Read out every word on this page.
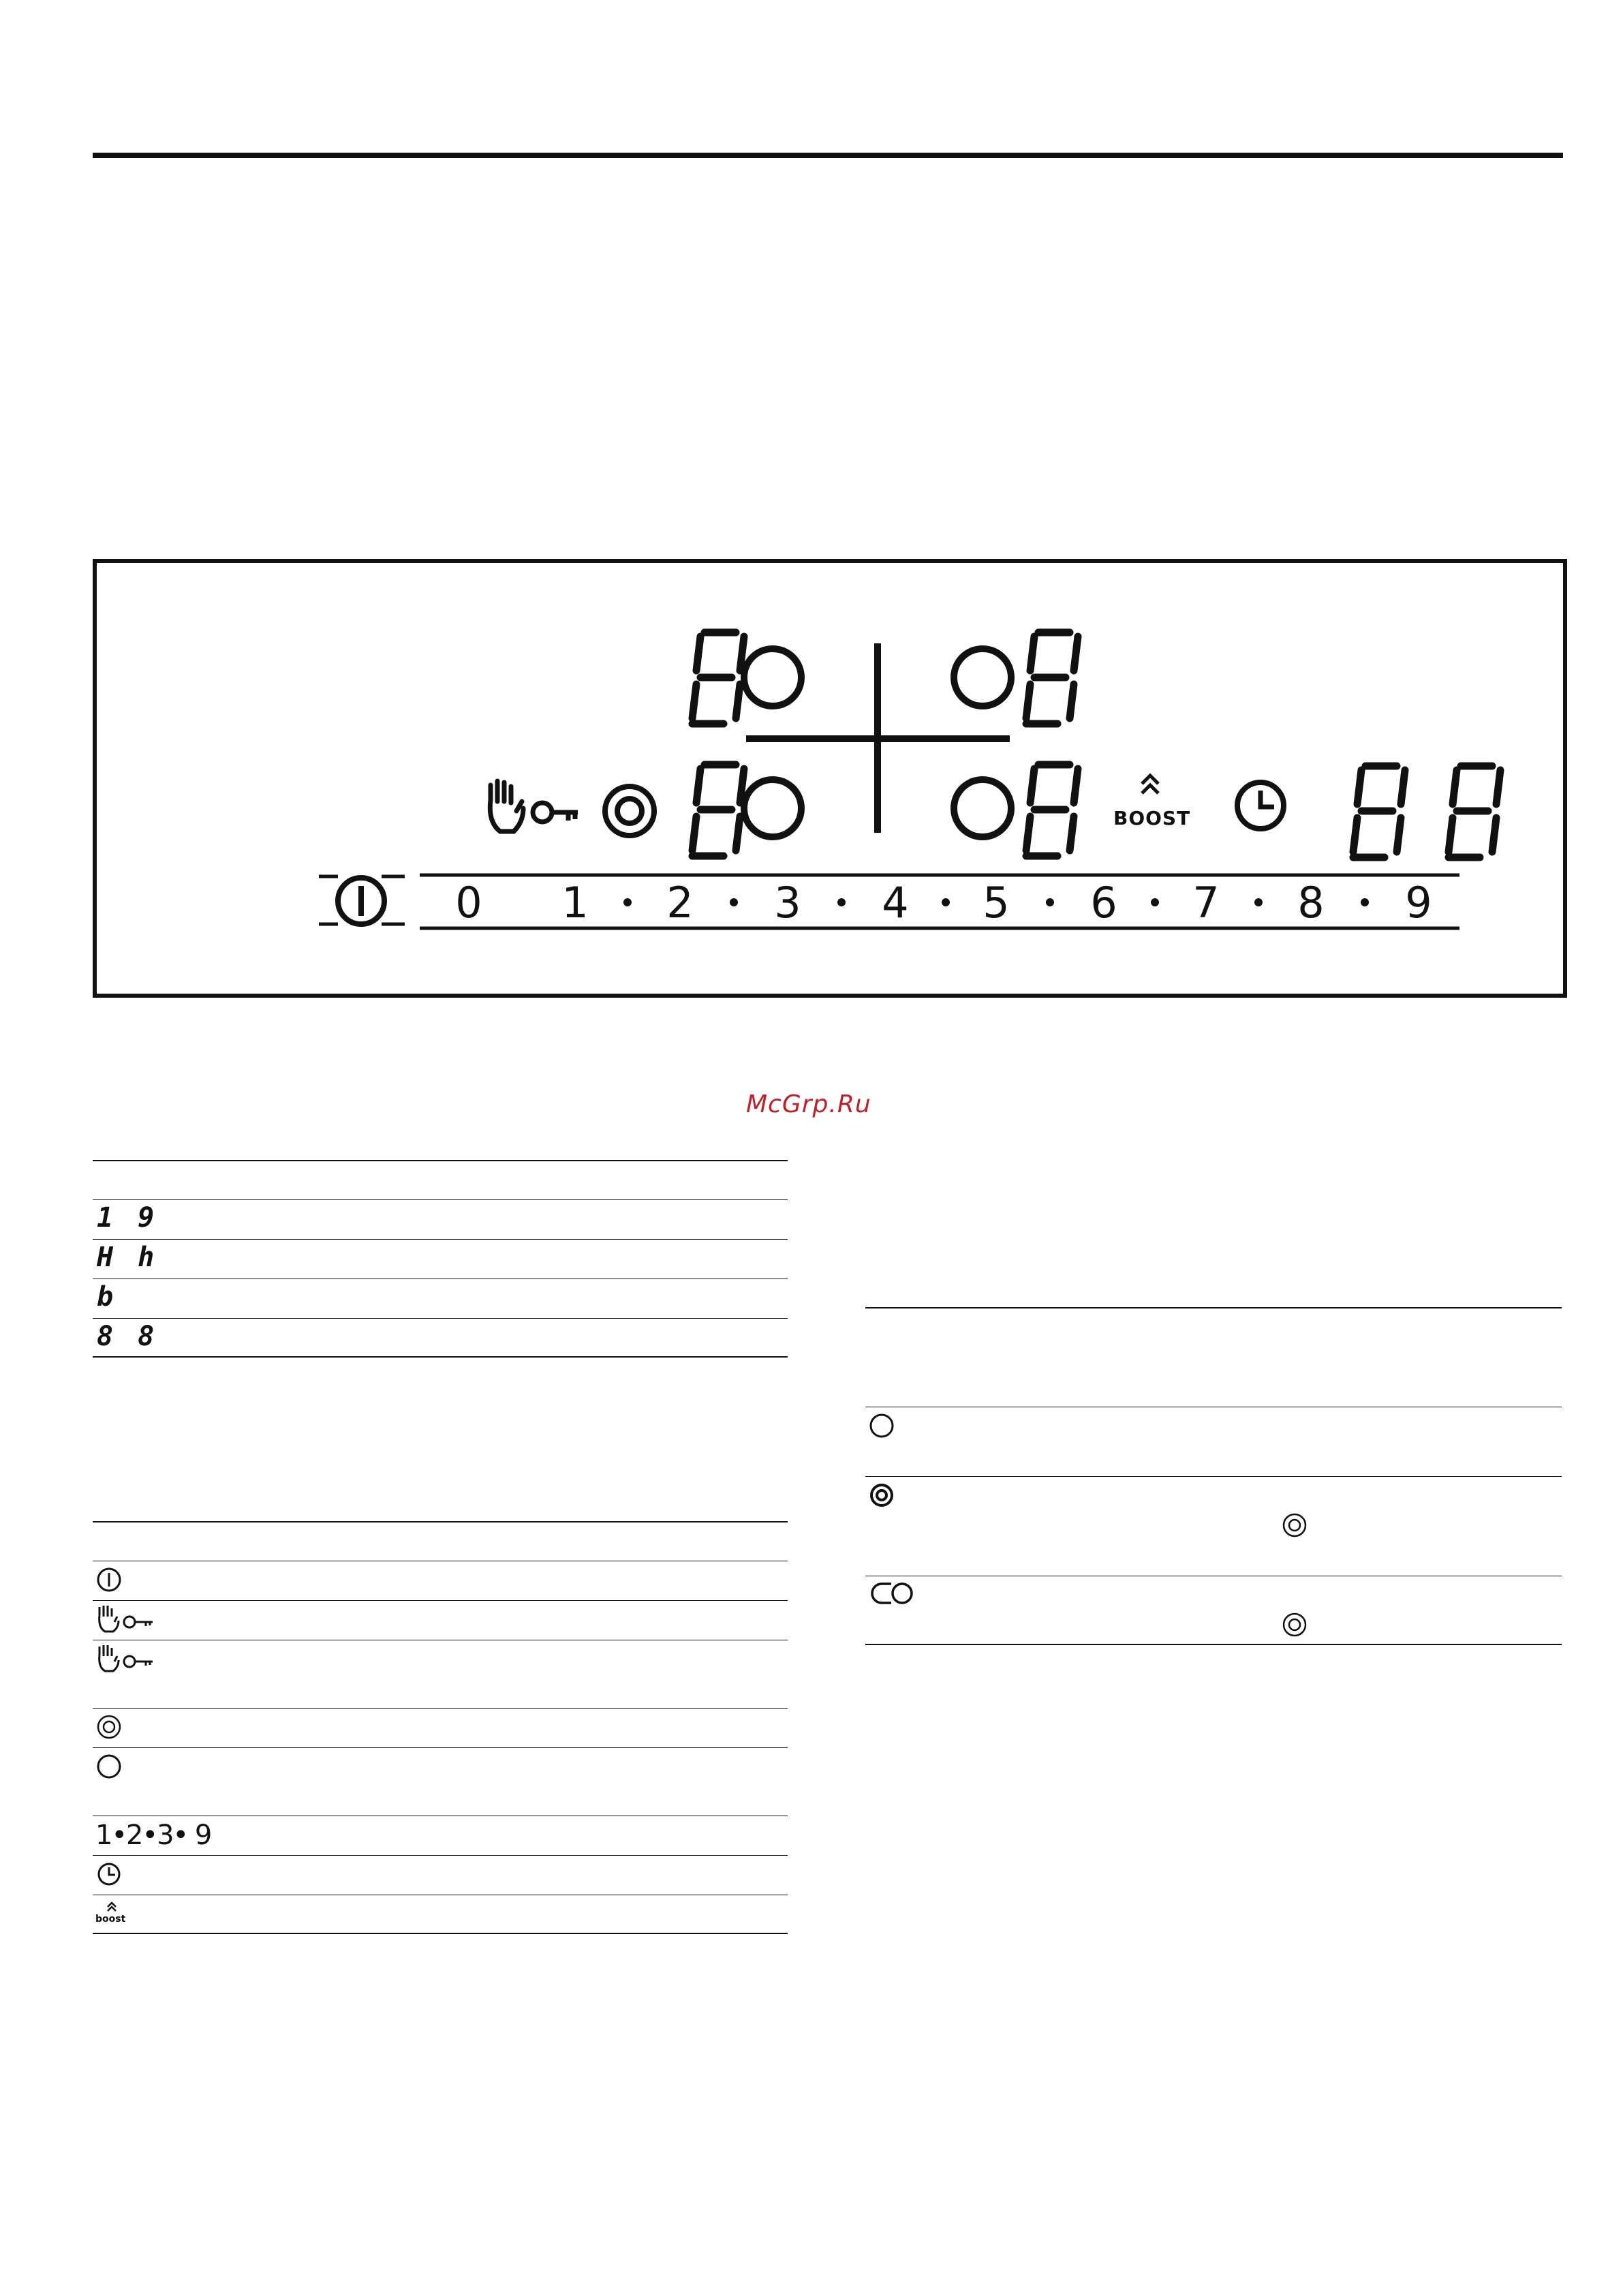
BOOST
0 1 2 3 4 5 6 7 8 9
McGrp.Ru
1 9
H h
b
8 8
1•2•3• 9
boost
